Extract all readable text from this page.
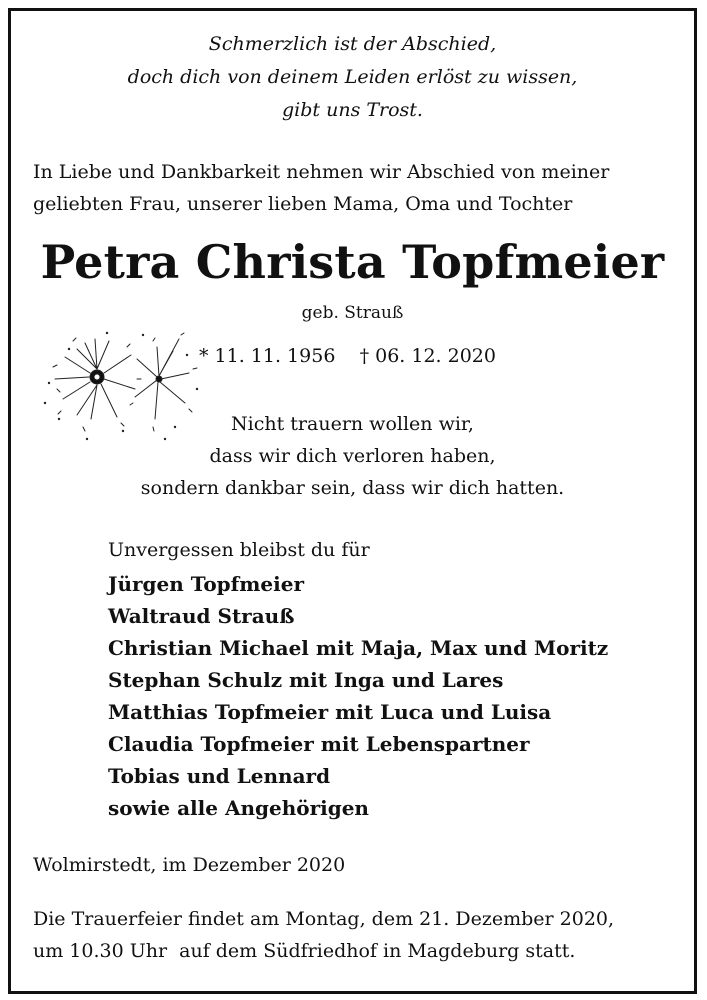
Schmerzlich ist der Abschied,
doch dich von deinem Leiden erlöst zu wissen,
gibt uns Trost.
In Liebe und Dankbarkeit nehmen wir Abschied von meiner
geliebten Frau, unserer lieben Mama, Oma und Tochter
Petra Christa Topfmeier
geb. Strauß
* 11. 11. 1956    † 06. 12. 2020
Nicht trauern wollen wir,
dass wir dich verloren haben,
sondern dankbar sein, dass wir dich hatten.
Unvergessen bleibst du für
Jürgen Topfmeier
Waltraud Strauß
Christian Michael mit Maja, Max und Moritz
Stephan Schulz mit Inga und Lares
Matthias Topfmeier mit Luca und Luisa
Claudia Topfmeier mit Lebenspartner
Tobias und Lennard
sowie alle Angehörigen
Wolmirstedt, im Dezember 2020
Die Trauerfeier findet am Montag, dem 21. Dezember 2020,
um 10.30 Uhr  auf dem Südfriedhof in Magdeburg statt.
